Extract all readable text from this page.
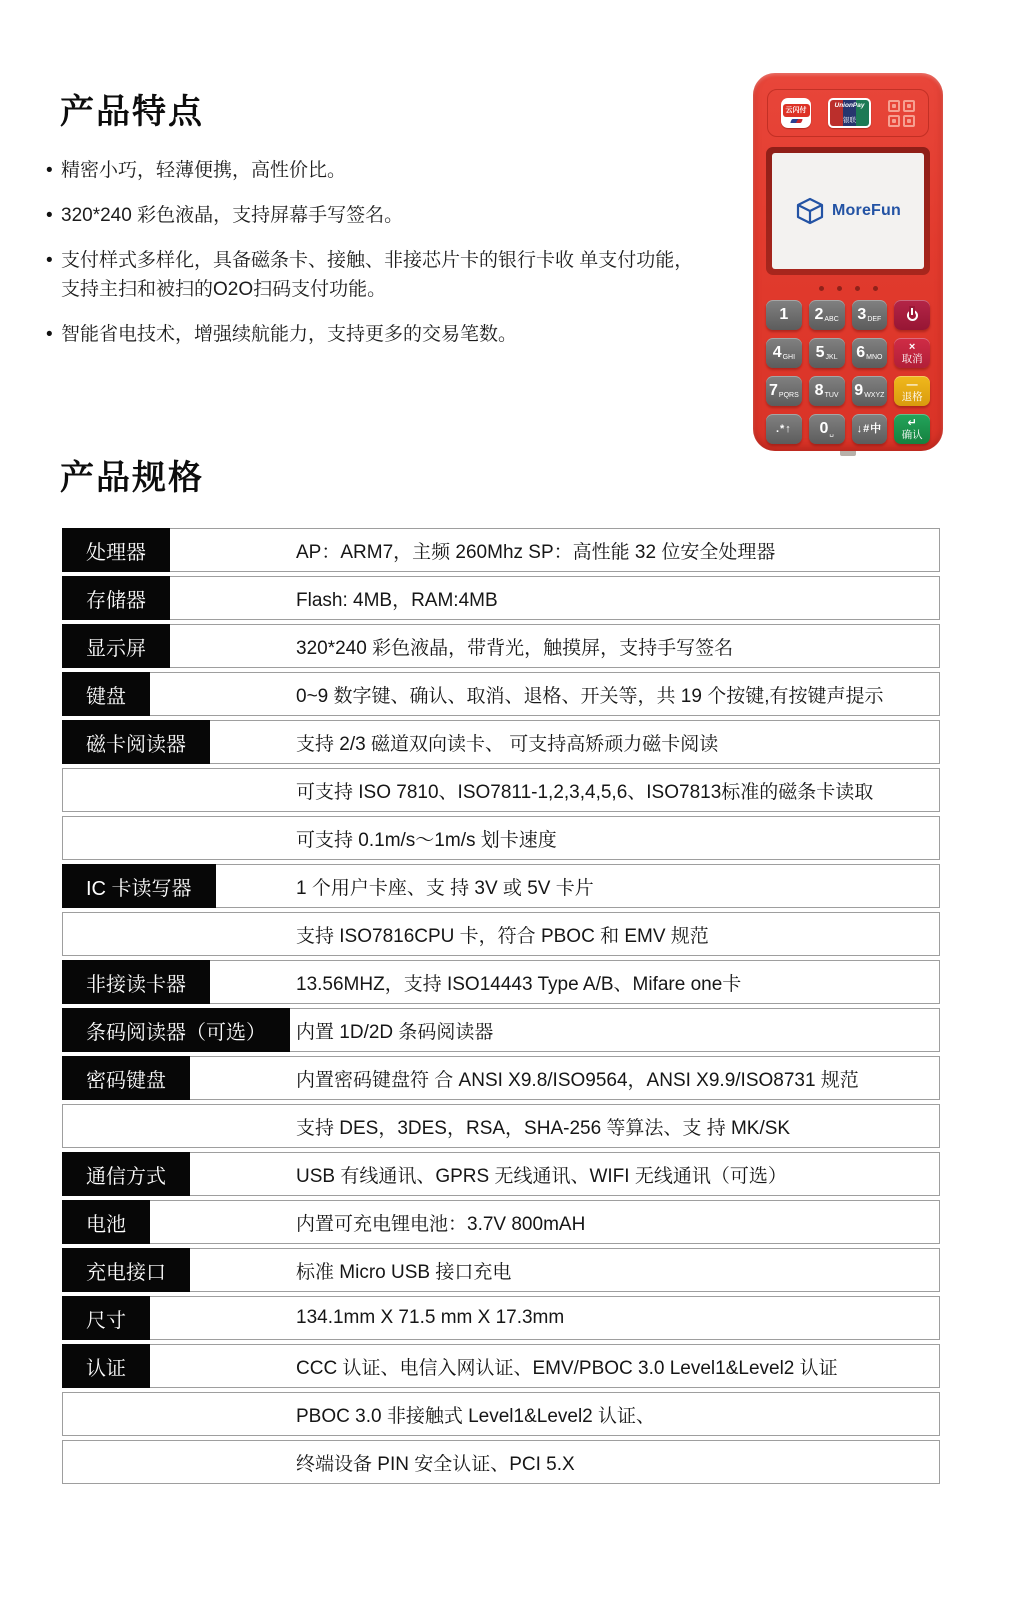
产品特点
• 精密小巧，轻薄便携，高性价比。
• 320*240 彩色液晶，支持屏幕手写签名。
• 支付样式多样化，具备磁条卡、接触、非接芯片卡的银行卡收 单支付功能， 支持主扫和被扫的O2O扫码支付功能。
• 智能省电技术，增强续航能力，支持更多的交易笔数。
云闪付
UnionPay
银联
MoreFun
1 2 ABC 3 DEF
4 GHI 5 JKL 6 MNO
×
取消
7 PQRS 8 TUV 9 WXYZ
—
退格
.*↑ 0 ␣ ↓#中 ↵
确认
产品规格
处理器	AP：ARM7，主频 260Mhz SP：高性能 32 位安全处理器
存储器	Flash: 4MB，RAM:4MB
显示屏	320*240 彩色液晶，带背光，触摸屏，支持手写签名
键盘	0~9 数字键、确认、取消、退格、开关等，共 19 个按键,有按键声提示
磁卡阅读器	支持 2/3 磁道双向读卡、 可支持高矫顽力磁卡阅读
可支持 ISO 7810、ISO7811-1,2,3,4,5,6、ISO7813标准的磁条卡读取
可支持 0.1m/s～1m/s 划卡速度
IC 卡读写器	1 个用户卡座、支 持 3V 或 5V 卡片
支持 ISO7816CPU 卡，符合 PBOC 和 EMV 规范
非接读卡器	13.56MHZ，支持 ISO14443 Type A/B、Mifare one卡
条码阅读器（可选）	内置 1D/2D 条码阅读器
密码键盘	内置密码键盘符 合 ANSI X9.8/ISO9564，ANSI X9.9/ISO8731 规范
支持 DES，3DES，RSA，SHA-256 等算法、支 持 MK/SK
通信方式	USB 有线通讯、GPRS 无线通讯、WIFI 无线通讯（可选）
电池	内置可充电锂电池：3.7V 800mAH
充电接口	标准 Micro USB 接口充电
尺寸	134.1mm X 71.5 mm X 17.3mm
认证	CCC 认证、电信入网认证、EMV/PBOC 3.0 Level1&Level2 认证
PBOC 3.0 非接触式 Level1&Level2 认证、
终端设备 PIN 安全认证、PCI 5.X
